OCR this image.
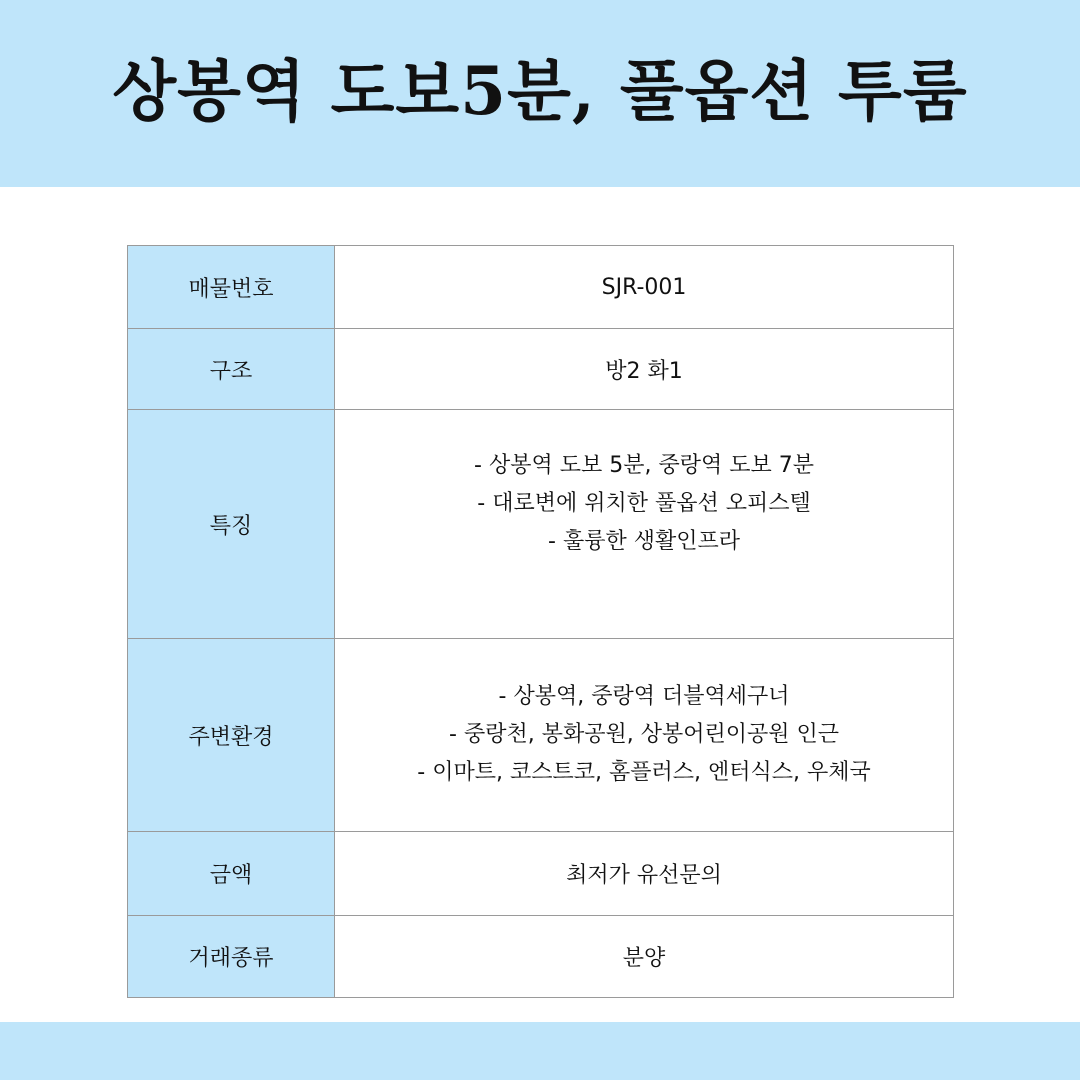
상봉역 도보5분, 풀옵션 투룸
매물번호	SJR-001
구조	방2 화1
특징	- 상봉역 도보 5분, 중랑역 도보 7분
- 대로변에 위치한 풀옵션 오피스텔
- 훌륭한 생활인프라

주변환경	- 상봉역, 중랑역 더블역세구너
- 중랑천, 봉화공원, 상봉어린이공원 인근
- 이마트, 코스트코, 홈플러스, 엔터식스, 우체국

금액	최저가 유선문의
거래종류	분양
